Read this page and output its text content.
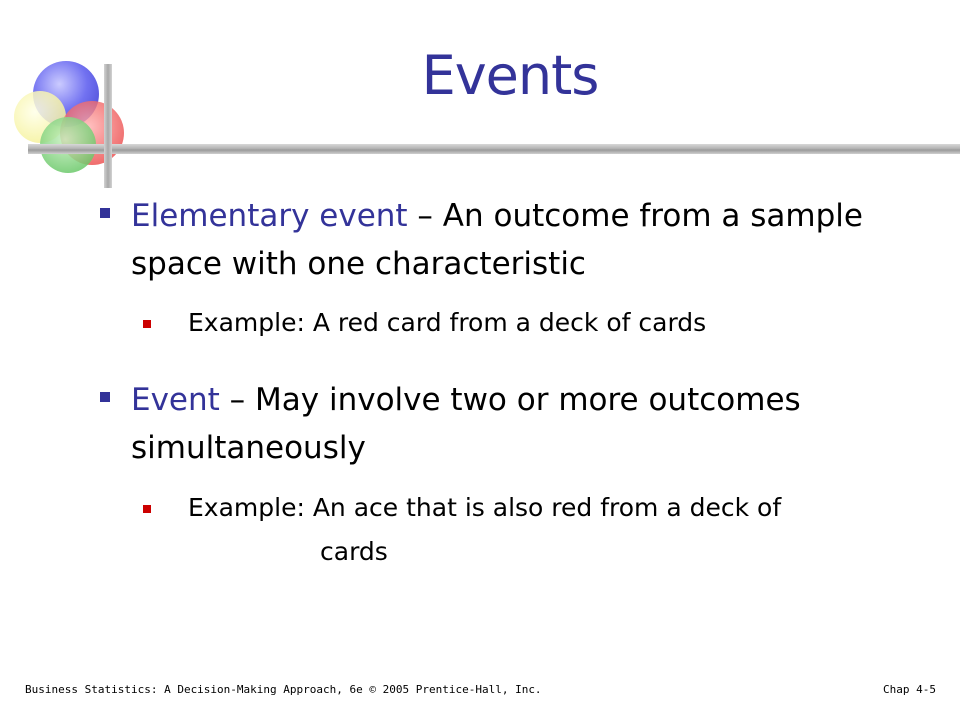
Events
Elementary event – An outcome from a sample
space with one characteristic
Example: A red card from a deck of cards
Event – May involve two or more outcomes
simultaneously
Example: An ace that is also red from a deck of
cards
Business Statistics: A Decision-Making Approach, 6e © 2005 Prentice-Hall, Inc.	Chap 4-5
